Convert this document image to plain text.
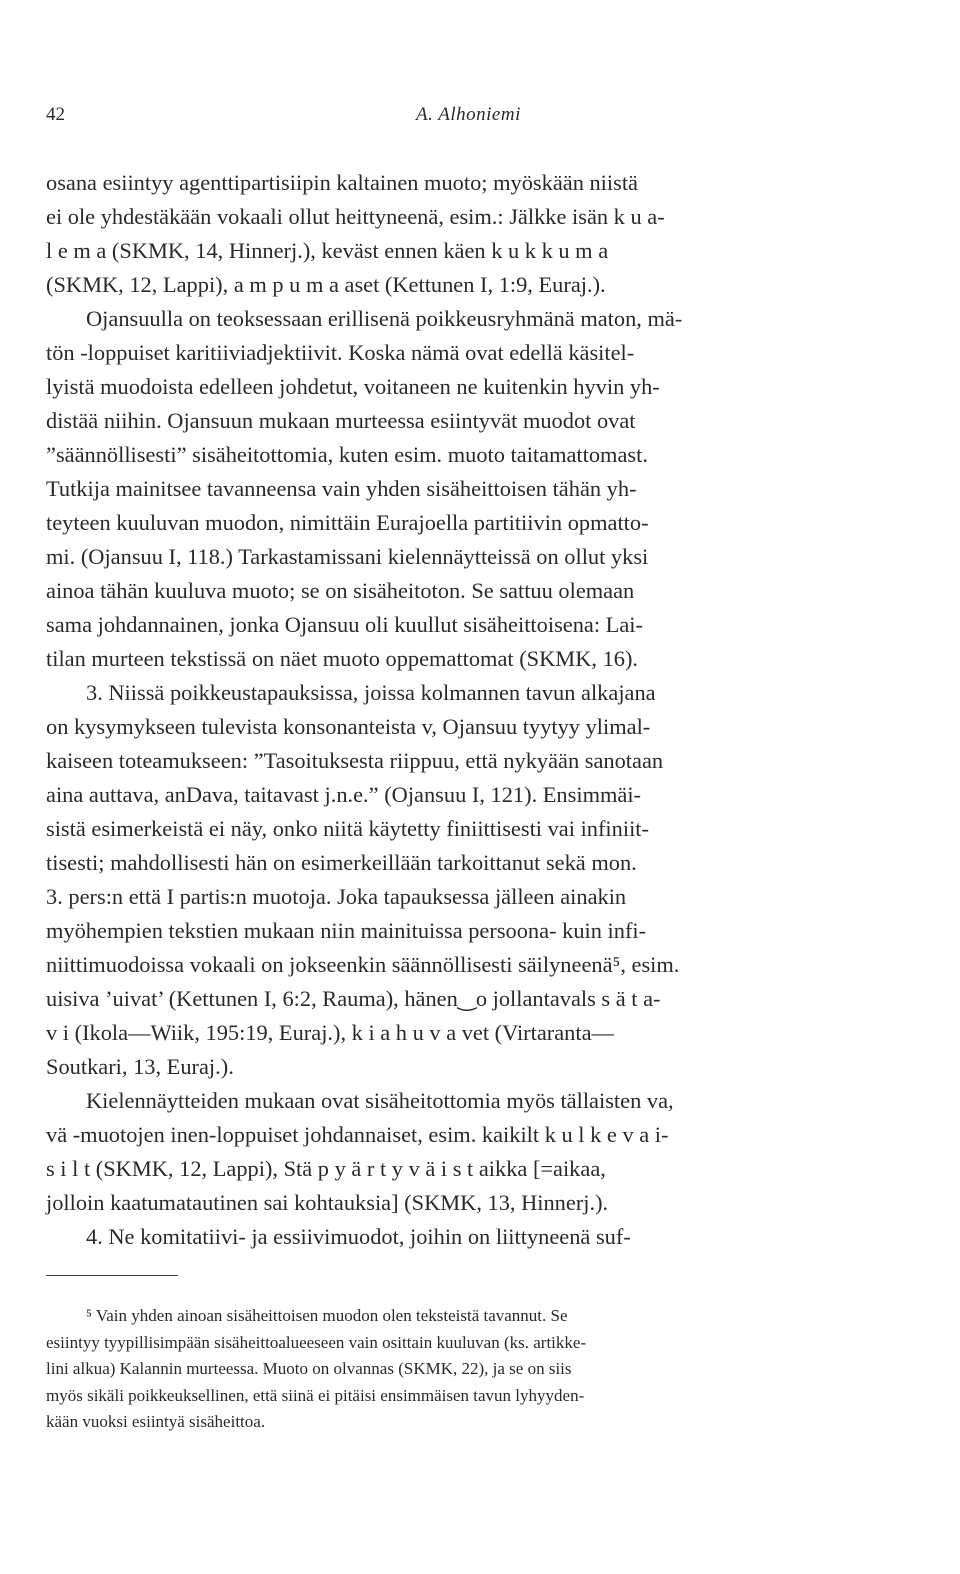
42	A. Alhoniemi
osana esiintyy agenttipartisiipin kaltainen muoto; myöskään niistä
ei ole yhdestäkään vokaali ollut heittyneenä, esim.: Jälkke isän k u a-
l e m a (SKMK, 14, Hinnerj.), keväst ennen käen k u k k u m a
(SKMK, 12, Lappi), a m p u m a aset (Kettunen I, 1:9, Euraj.).
Ojansuulla on teoksessaan erillisenä poikkeusryhmänä maton, mä-
tön -loppuiset karitiiviadjektiivit. Koska nämä ovat edellä käsitel-
lyistä muodoista edelleen johdetut, voitaneen ne kuitenkin hyvin yh-
distää niihin. Ojansuun mukaan murteessa esiintyvät muodot ovat
”säännöllisesti” sisäheitottomia, kuten esim. muoto taitamattomast.
Tutkija mainitsee tavanneensa vain yhden sisäheittoisen tähän yh-
teyteen kuuluvan muodon, nimittäin Eurajoella partitiivin opmatto-
mi. (Ojansuu I, 118.) Tarkastamissani kielennäytteissä on ollut yksi
ainoa tähän kuuluva muoto; se on sisäheitoton. Se sattuu olemaan
sama johdannainen, jonka Ojansuu oli kuullut sisäheittoisena: Lai-
tilan murteen tekstissä on näet muoto oppemattomat (SKMK, 16).
3. Niissä poikkeustapauksissa, joissa kolmannen tavun alkajana
on kysymykseen tulevista konsonanteista v, Ojansuu tyytyy ylimal-
kaiseen toteamukseen: ”Tasoituksesta riippuu, että nykyään sanotaan
aina auttava, anDava, taitavast j.n.e.” (Ojansuu I, 121). Ensimmäi-
sistä esimerkeistä ei näy, onko niitä käytetty finiittisesti vai infiniit-
tisesti; mahdollisesti hän on esimerkeillään tarkoittanut sekä mon.
3. pers:n että I partis:n muotoja. Joka tapauksessa jälleen ainakin
myöhempien tekstien mukaan niin mainituissa persoona- kuin infi-
niittimuodoissa vokaali on jokseenkin säännöllisesti säilyneenä⁵, esim.
uisiva ’uivat’ (Kettunen I, 6:2, Rauma), hänen‿o jollantavals s ä t a-
v i (Ikola—Wiik, 195:19, Euraj.), k i a h u v a vet (Virtaranta—
Soutkari, 13, Euraj.).
Kielennäytteiden mukaan ovat sisäheitottomia myös tällaisten va,
vä -muotojen inen-loppuiset johdannaiset, esim. kaikilt k u l k e v a i-
s i l t (SKMK, 12, Lappi), Stä p y ä r t y v ä i s t aikka [=aikaa,
jolloin kaatumatautinen sai kohtauksia] (SKMK, 13, Hinnerj.).
4. Ne komitatiivi- ja essiivimuodot, joihin on liittyneenä suf-
⁵ Vain yhden ainoan sisäheittoisen muodon olen teksteistä tavannut. Se
esiintyy tyypillisimpään sisäheittoalueeseen vain osittain kuuluvan (ks. artikke-
lini alkua) Kalannin murteessa. Muoto on olvannas (SKMK, 22), ja se on siis
myös sikäli poikkeuksellinen, että siinä ei pitäisi ensimmäisen tavun lyhyyden-
kään vuoksi esiintyä sisäheittoa.
